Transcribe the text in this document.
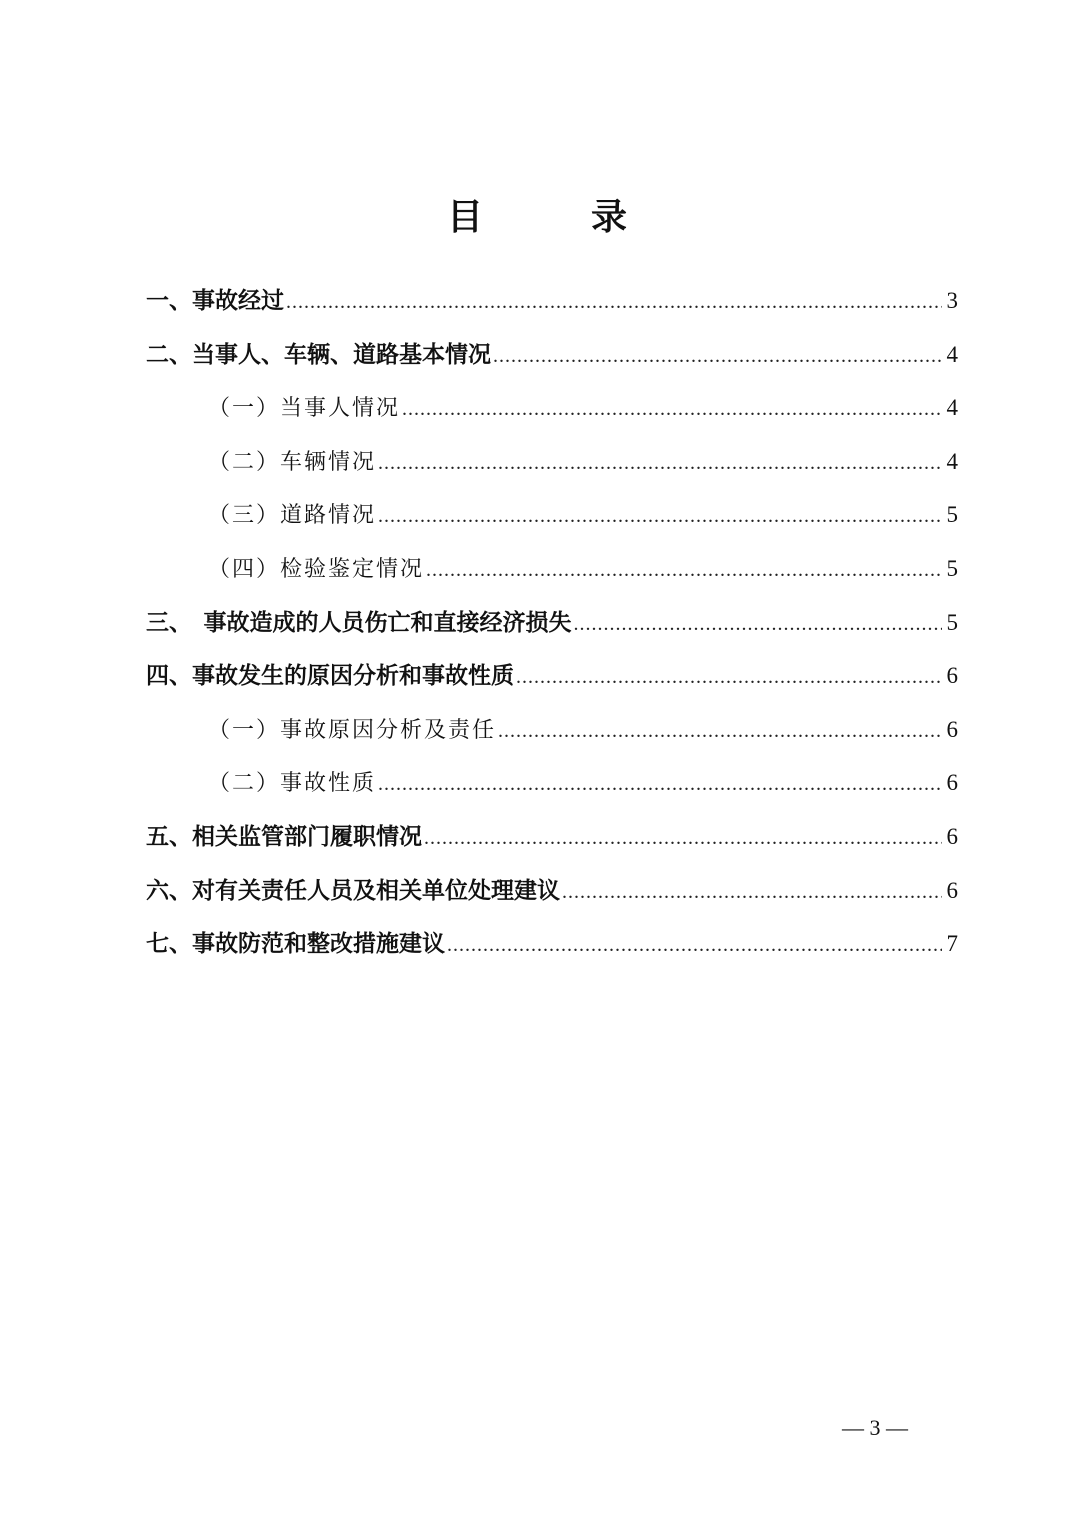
目　录
一、事故经过 .....	3
二、当事人、车辆、道路基本情况 .....	4
（一）当事人情况 .....	4
（二）车辆情况 .....	4
（三）道路情况 .....	5
（四）检验鉴定情况 .....	5
三、　事故造成的人员伤亡和直接经济损失 .....	5
四、事故发生的原因分析和事故性质 .....	6
（一）事故原因分析及责任 .....	6
（二）事故性质 .....	6
五、相关监管部门履职情况 .....	6
六、对有关责任人员及相关单位处理建议 .....	6
七、事故防范和整改措施建议 .....	7
— 3 —
